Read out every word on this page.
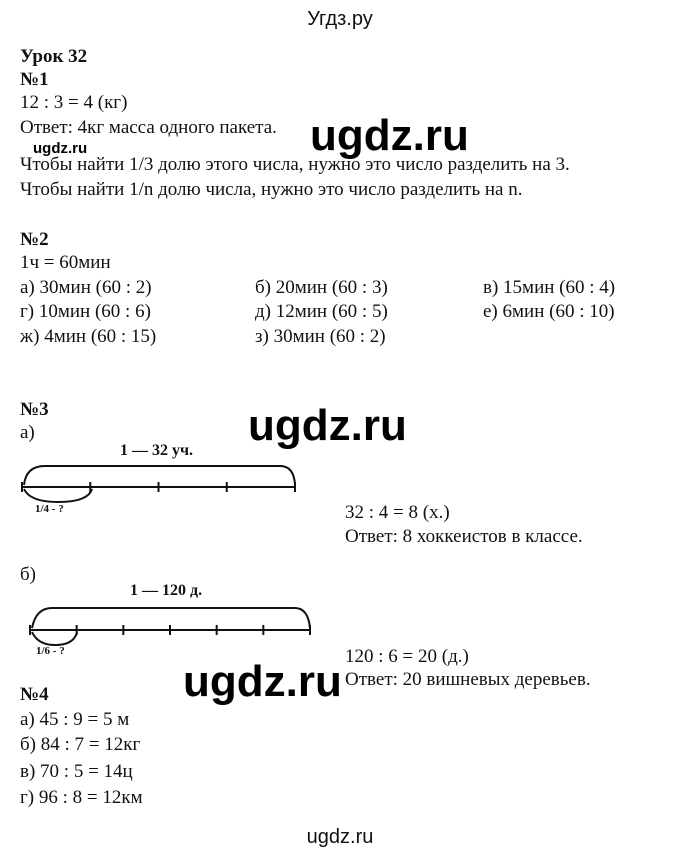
Угдз.ру
Урок 32
№1
12 : 3 = 4 (кг)
Ответ: 4кг масса одного пакета.
ugdz.ru	ugdz.ru
Чтобы найти 1/3 долю этого числа, нужно это число разделить на 3.
Чтобы найти 1/n долю числа, нужно это число разделить на n.
№2
1ч = 60мин
а) 30мин (60 : 2)	б) 20мин (60 : 3)	в) 15мин (60 : 4)
г) 10мин (60 : 6)	д) 12мин (60 : 5)	е) 6мин (60 : 10)
ж) 4мин (60 : 15)	з) 30мин (60 : 2)
№3	ugdz.ru
а)
1 — 32 уч.
1/4 - ?	32 : 4 = 8 (х.)
Ответ: 8 хоккеистов в классе.
б)
1 — 120 д.
1/6 - ?	120 : 6 = 20 (д.)
ugdz.ru Ответ: 20 вишневых деревьев.
№4
а) 45 : 9 = 5 м
б) 84 : 7 = 12кг
в) 70 : 5 = 14ц
г) 96 : 8 = 12км
ugdz.ru
